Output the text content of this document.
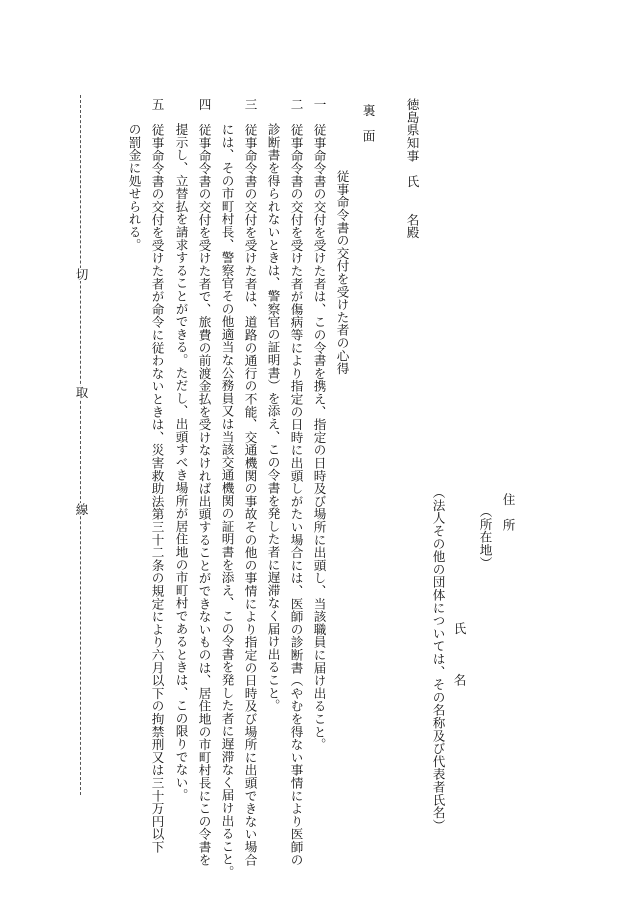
住　所
（所在地）
氏　　　名
（法人その他の団体については、その名称及び代表者氏名）
徳島県知事　氏　　名殿
裏　面
従事命令書の交付を受けた者の心得
一　従事命令書の交付を受けた者は、この令書を携え、指定の日時及び場所に出頭し、当該職員に届け出ること。
二　従事命令書の交付を受けた者が傷病等により指定の日時に出頭しがたい場合には、医師の診断書（やむを得ない事情により医師の
診断書を得られないときは、警察官の証明書）を添え、この令書を発した者に遅滞なく届け出ること。
三　従事命令書の交付を受けた者は、道路の通行の不能、交通機関の事故その他の事情により指定の日時及び場所に出頭できない場合
には、その市町村長、警察官その他適当な公務員又は当該交通機関の証明書を添え、この令書を発した者に遅滞なく届け出ること。
四　従事命令書の交付を受けた者で、旅費の前渡金払を受けなければ出頭することができないものは、居住地の市町村長にこの令書を
提示し、立替払を請求することができる。ただし、出頭すべき場所が居住地の市町村であるときは、この限りでない。
五　従事命令書の交付を受けた者が命令に従わないときは、災害救助法第三十二条の規定により六月以下の拘禁刑又は三十万円以下
の罰金に処せられる。
切
取
線
